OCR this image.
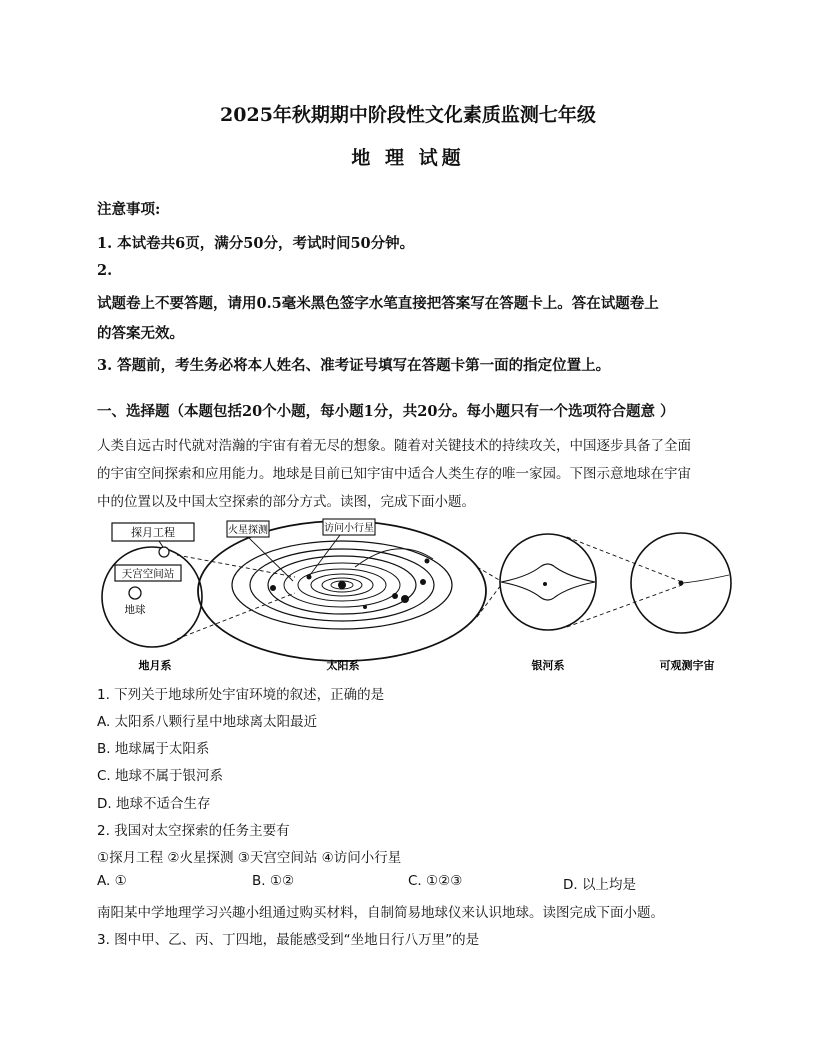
2025年秋期期中阶段性文化素质监测七年级
地 理 试题
注意事项:
1. 本试卷共6页，满分50分，考试时间50分钟。
2.
试题卷上不要答题，请用0.5毫米黑色签字水笔直接把答案写在答题卡上。答在试题卷上
的答案无效。
3. 答题前，考生务必将本人姓名、准考证号填写在答题卡第一面的指定位置上。
一、选择题（本题包括20个小题，每小题1分，共20分。每小题只有一个选项符合题意 ）
人类自远古时代就对浩瀚的宇宙有着无尽的想象。随着对关键技术的持续攻关，中国逐步具备了全面
的宇宙空间探索和应用能力。地球是目前已知宇宙中适合人类生存的唯一家园。下图示意地球在宇宙
中的位置以及中国太空探索的部分方式。读图，完成下面小题。
探月工程
天宫空间站
地球
火星探测	访问小行星
地月系	太阳系	银河系	可观测宇宙
1. 下列关于地球所处宇宙环境的叙述，正确的是
A. 太阳系八颗行星中地球离太阳最近
B. 地球属于太阳系
C. 地球不属于银河系
D. 地球不适合生存
2. 我国对太空探索的任务主要有
①探月工程 ②火星探测 ③天宫空间站 ④访问小行星
A. ①	B. ①②	C. ①②③	D. 以上均是
南阳某中学地理学习兴趣小组通过购买材料，自制简易地球仪来认识地球。读图完成下面小题。
3. 图中甲、乙、丙、丁四地，最能感受到“坐地日行八万里”的是
